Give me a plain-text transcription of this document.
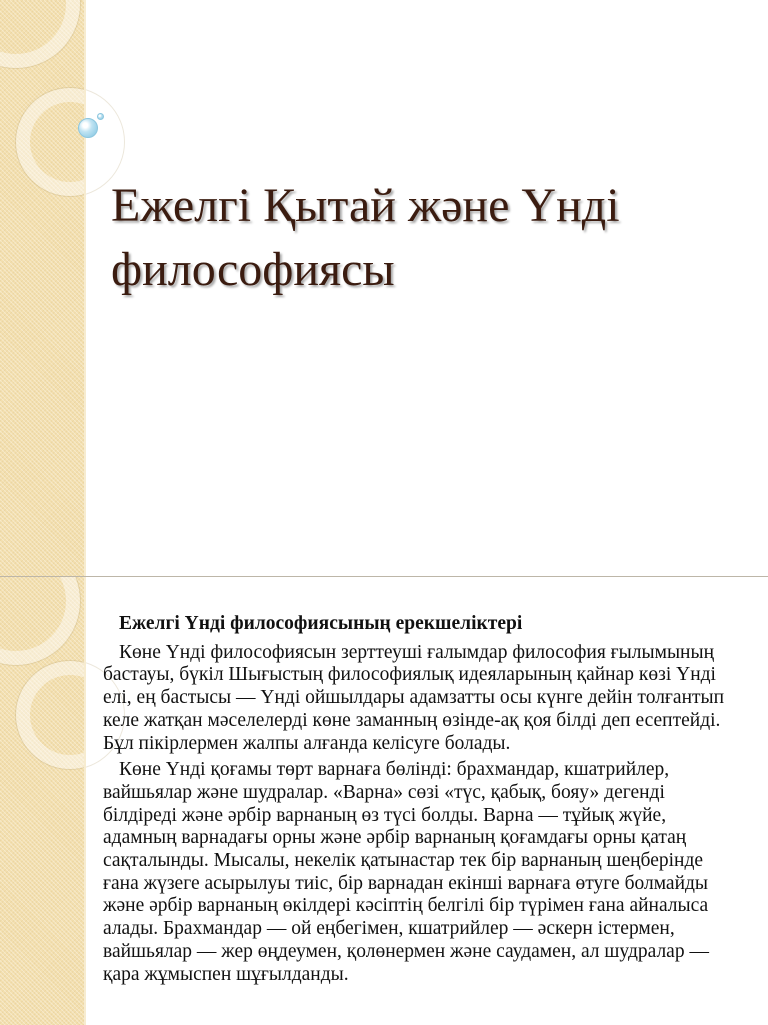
Ежелгі Қытай және Үнді философиясы
Ежелгі Үнді философиясының ерекшеліктері

Көне Үнді философиясын зерттеуші ғалымдар философия ғылымының бастауы, бүкіл Шығыстың философиялық идеяларының қайнар көзі Үнді елі, ең бастысы — Үнді ойшылдары адамзатты осы күнге дейін толғантып келе жатқан мәселелерді көне заманның өзінде-ақ қоя білді деп есептейді. Бұл пікірлермен жалпы алғанда келісуге болады.

Көне Үнді қоғамы төрт варнаға бөлінді: брахмандар, кшатрийлер, вайшьялар және шудралар. «Варна» сөзі «түс, қабық, бояу» дегенді білдіреді және әрбір варнаның өз түсі болды. Варна — тұйық жүйе, адамның варнадағы орны және әрбір варнаның қоғамдағы орны қатаң сақталынды. Мысалы, некелік қатынастар тек бір варнаның шеңберінде ғана жүзеге асырылуы тиіс, бір варнадан екінші варнаға өтуге болмайды және әрбір варнаның өкілдері кәсіптің белгілі бір түрімен ғана айналыса алады. Брахмандар — ой еңбегімен, кшатрийлер — әскерн істермен, вайшьялар — жер өңдеумен, қолөнермен және саудамен, ал шудралар — қара жұмыспен шұғылданды.
